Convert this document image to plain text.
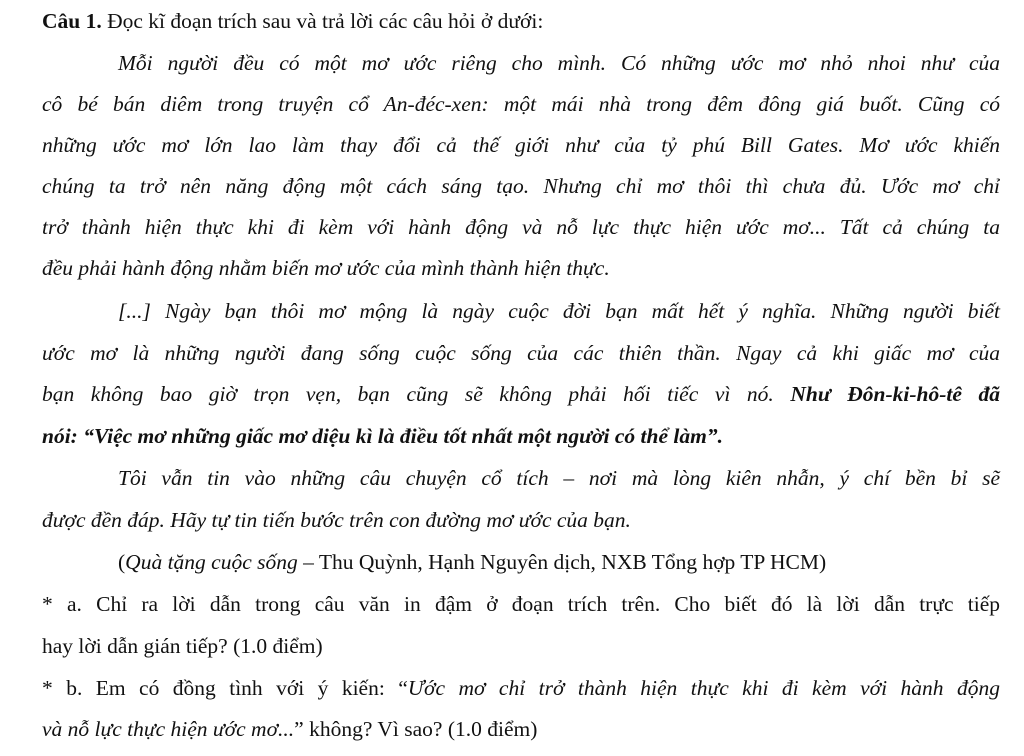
Câu 1. Đọc kĩ đoạn trích sau và trả lời các câu hỏi ở dưới:
Mỗi người đều có một mơ ước riêng cho mình. Có những ước mơ nhỏ nhoi như của
cô bé bán diêm trong truyện cổ An-đéc-xen: một mái nhà trong đêm đông giá buốt. Cũng có
những ước mơ lớn lao làm thay đổi cả thế giới như của tỷ phú Bill Gates. Mơ ước khiến
chúng ta trở nên năng động một cách sáng tạo. Nhưng chỉ mơ thôi thì chưa đủ. Ước mơ chỉ
trở thành hiện thực khi đi kèm với hành động và nỗ lực thực hiện ước mơ... Tất cả chúng ta
đều phải hành động nhằm biến mơ ước của mình thành hiện thực.
[...] Ngày bạn thôi mơ mộng là ngày cuộc đời bạn mất hết ý nghĩa. Những người biết
ước mơ là những người đang sống cuộc sống của các thiên thần. Ngay cả khi giấc mơ của
bạn không bao giờ trọn vẹn, bạn cũng sẽ không phải hối tiếc vì nó. Như Đôn-ki-hô-tê đã
nói: “Việc mơ những giấc mơ diệu kì là điều tốt nhất một người có thể làm”.
Tôi vẫn tin vào những câu chuyện cổ tích – nơi mà lòng kiên nhẫn, ý chí bền bỉ sẽ
được đền đáp. Hãy tự tin tiến bước trên con đường mơ ước của bạn.
(Quà tặng cuộc sống – Thu Quỳnh, Hạnh Nguyên dịch, NXB Tổng hợp TP HCM)
* a. Chỉ ra lời dẫn trong câu văn in đậm ở đoạn trích trên. Cho biết đó là lời dẫn trực tiếp
hay lời dẫn gián tiếp? (1.0 điểm)
* b. Em có đồng tình với ý kiến: “Ước mơ chỉ trở thành hiện thực khi đi kèm với hành động
và nỗ lực thực hiện ước mơ...” không? Vì sao? (1.0 điểm)
